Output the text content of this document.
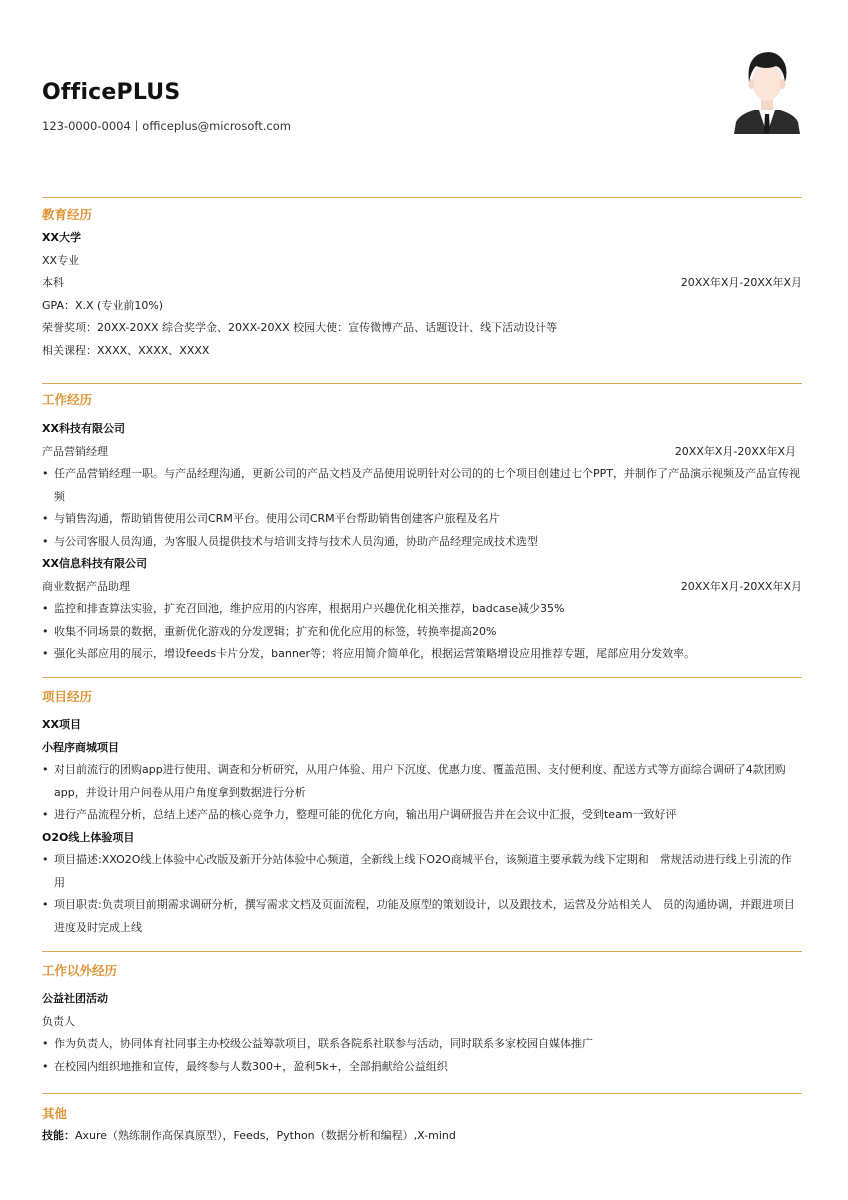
OfficePLUS
123-0000-0004丨officeplus@microsoft.com
教育经历
XX大学
XX专业
本科	20XX年X月-20XX年X月
GPA：X.X (专业前10%)
荣誉奖项：20XX-20XX 综合奖学金、20XX-20XX 校园大使：宣传微博产品、话题设计、线下活动设计等
相关课程：XXXX、XXXX、XXXX
工作经历
XX科技有限公司
产品营销经理	20XX年X月-20XX年X月
• 任产品营销经理一职。与产品经理沟通，更新公司的产品文档及产品使用说明针对公司的的七个项目创建过七个PPT，并制作了产品演示视频及产品宣传视频
• 与销售沟通，帮助销售使用公司CRM平台。使用公司CRM平台帮助销售创建客户旅程及名片
• 与公司客服人员沟通，为客服人员提供技术与培训支持与技术人员沟通，协助产品经理完成技术选型
XX信息科技有限公司
商业数据产品助理	20XX年X月-20XX年X月
• 监控和排查算法实验，扩充召回池，维护应用的内容库，根据用户兴趣优化相关推荐，badcase减少35%
• 收集不同场景的数据，重新优化游戏的分发逻辑；扩充和优化应用的标签，转换率提高20%
• 强化头部应用的展示，增设feeds卡片分发，banner等；将应用简介简单化，根据运营策略增设应用推荐专题，尾部应用分发效率。
项目经历
XX项目
小程序商城项目
• 对目前流行的团购app进行使用、调查和分析研究，从用户体验、用户下沉度、优惠力度、覆盖范围、支付便利度、配送方式等方面综合调研了4款团购app，并设计用户问卷从用户角度拿到数据进行分析
• 进行产品流程分析，总结上述产品的核心竞争力，整理可能的优化方向，输出用户调研报告并在会议中汇报，受到team一致好评
O2O线上体验项目
• 项目描述:XXO2O线上体验中心改版及新开分站体验中心频道，全新线上线下O2O商城平台，该频道主要承载为线下定期和　常规活动进行线上引流的作用
• 项目职责:负责项目前期需求调研分析，撰写需求文档及页面流程，功能及原型的策划设计，以及跟技术，运营及分站相关人　员的沟通协调，并跟进项目进度及时完成上线
工作以外经历
公益社团活动
负责人
• 作为负责人，协同体育社同事主办校级公益筹款项目，联系各院系社联参与活动，同时联系多家校园自媒体推广
• 在校园内组织地推和宣传，最终参与人数300+，盈利5k+，全部捐献给公益组织
其他
技能：Axure（熟练制作高保真原型），Feeds，Python（数据分析和编程）,X-mind
